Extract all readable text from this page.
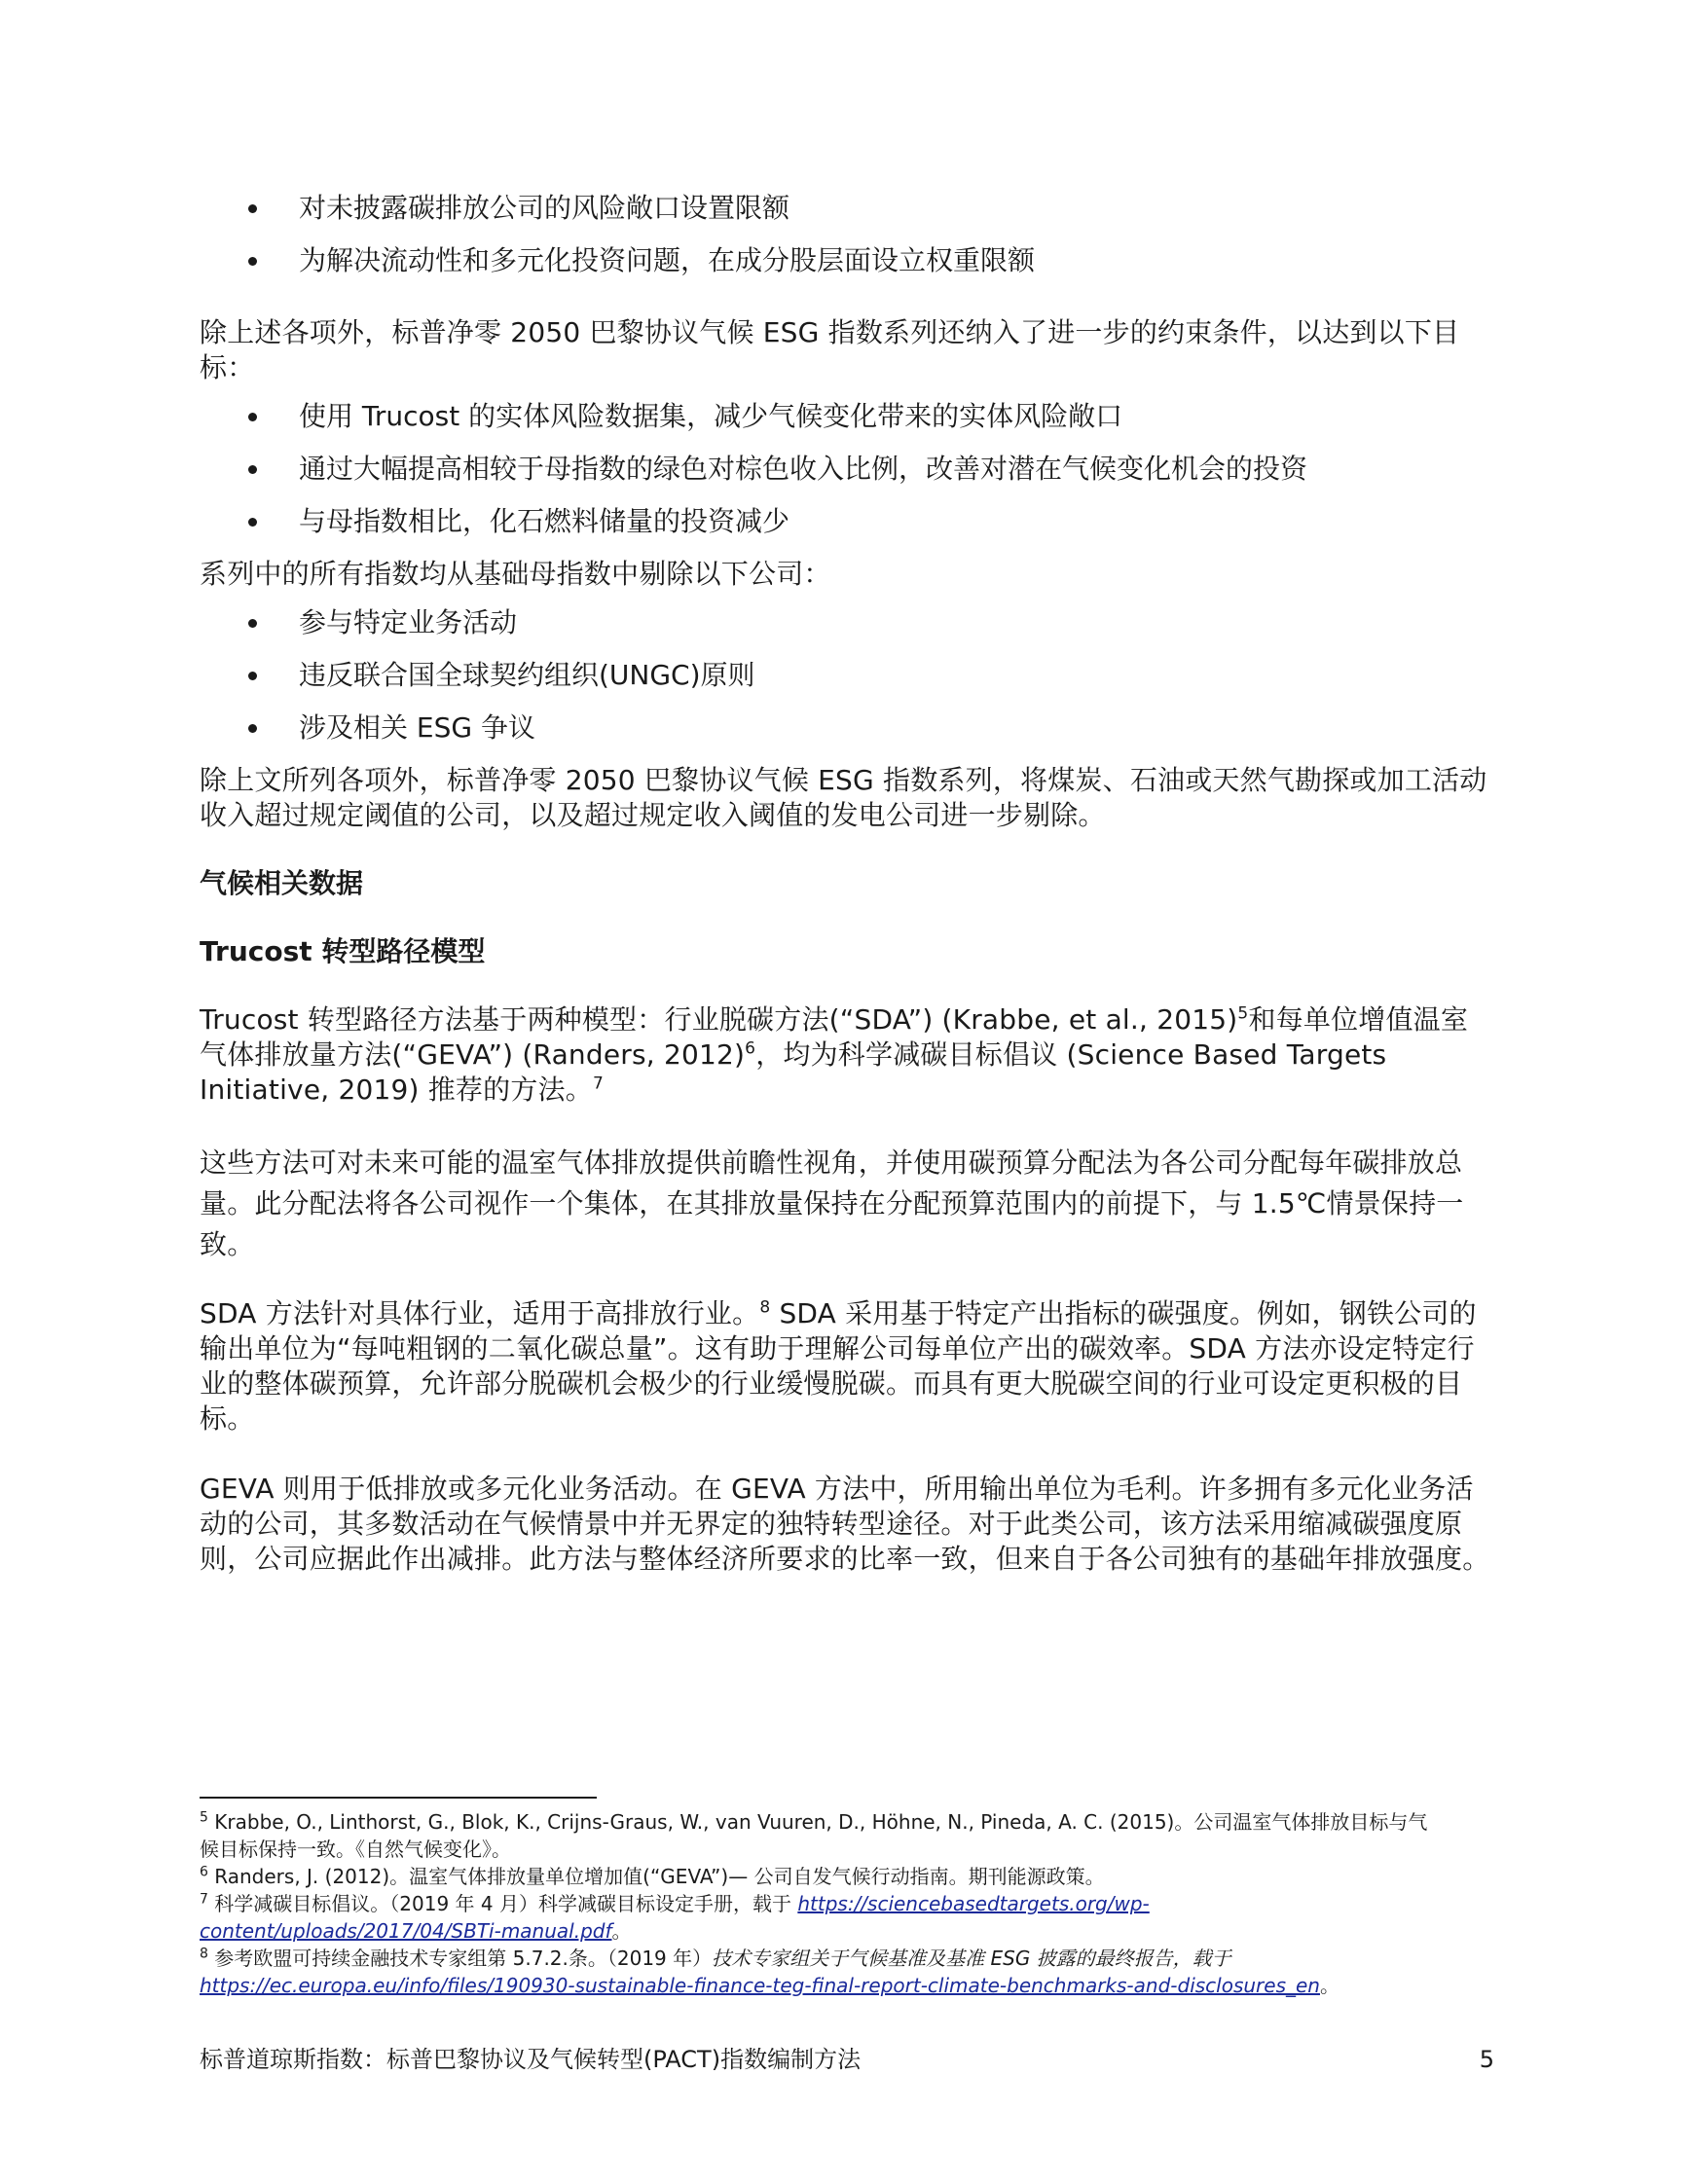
对未披露碳排放公司的风险敞口设置限额
为解决流动性和多元化投资问题，在成分股层面设立权重限额

除上述各项外，标普净零 2050 巴黎协议气候 ESG 指数系列还纳入了进一步的约束条件，以达到以下目标：

使用 Trucost 的实体风险数据集，减少气候变化带来的实体风险敞口
通过大幅提高相较于母指数的绿色对棕色收入比例，改善对潜在气候变化机会的投资
与母指数相比，化石燃料储量的投资减少

系列中的所有指数均从基础母指数中剔除以下公司：

参与特定业务活动
违反联合国全球契约组织(UNGC)原则
涉及相关 ESG 争议

除上文所列各项外，标普净零 2050 巴黎协议气候 ESG 指数系列，将煤炭、石油或天然气勘探或加工活动收入超过规定阈值的公司，以及超过规定收入阈值的发电公司进一步剔除。

气候相关数据
Trucost 转型路径模型

Trucost 转型路径方法基于两种模型：行业脱碳方法(“SDA”) (Krabbe, et al., 2015)$^5$和每单位增值温室气体排放量方法(“GEVA”) (Randers, 2012)$^6$，均为科学减碳目标倡议 (Science Based Targets Initiative, 2019) 推荐的方法。$^7$

这些方法可对未来可能的温室气体排放提供前瞻性视角，并使用碳预算分配法为各公司分配每年碳排放总量。此分配法将各公司视作一个集体，在其排放量保持在分配预算范围内的前提下，与 1.5℃情景保持一致。

SDA 方法针对具体行业，适用于高排放行业。$^8$ SDA 采用基于特定产出指标的碳强度。例如，钢铁公司的输出单位为“每吨粗钢的二氧化碳总量”。这有助于理解公司每单位产出的碳效率。SDA 方法亦设定特定行业的整体碳预算，允许部分脱碳机会极少的行业缓慢脱碳。而具有更大脱碳空间的行业可设定更积极的目标。

GEVA 则用于低排放或多元化业务活动。在 GEVA 方法中，所用输出单位为毛利。许多拥有多元化业务活动的公司，其多数活动在气候情景中并无界定的独特转型途径。对于此类公司，该方法采用缩减碳强度原则，公司应据此作出减排。此方法与整体经济所要求的比率一致，但来自于各公司独有的基础年排放强度。

$^5$ Krabbe, O., Linthorst, G., Blok, K., Crijns-Graus, W., van Vuuren, D., Höhne, N., Pineda, A. C. (2015)。公司温室气体排放目标与气

候目标保持一致。《自然气候变化》。

$^6$ Randers, J. (2012)。温室气体排放量单位增加值(“GEVA”)— 公司自发气候行动指南。期刊能源政策。

$^7$ 科学减碳目标倡议。（2019 年 4 月）科学减碳目标设定手册，载于 https://sciencebasedtargets.org/wp-

content/uploads/2017/04/SBTi-manual.pdf。

$^8$ 参考欧盟可持续金融技术专家组第 5.7.2.条。（2019 年）技术专家组关于气候基准及基准 ESG 披露的最终报告，载于

https://ec.europa.eu/info/files/190930-sustainable-finance-teg-final-report-climate-benchmarks-and-disclosures_en。

标普道琼斯指数：标普巴黎协议及气候转型(PACT)指数编制方法	5
